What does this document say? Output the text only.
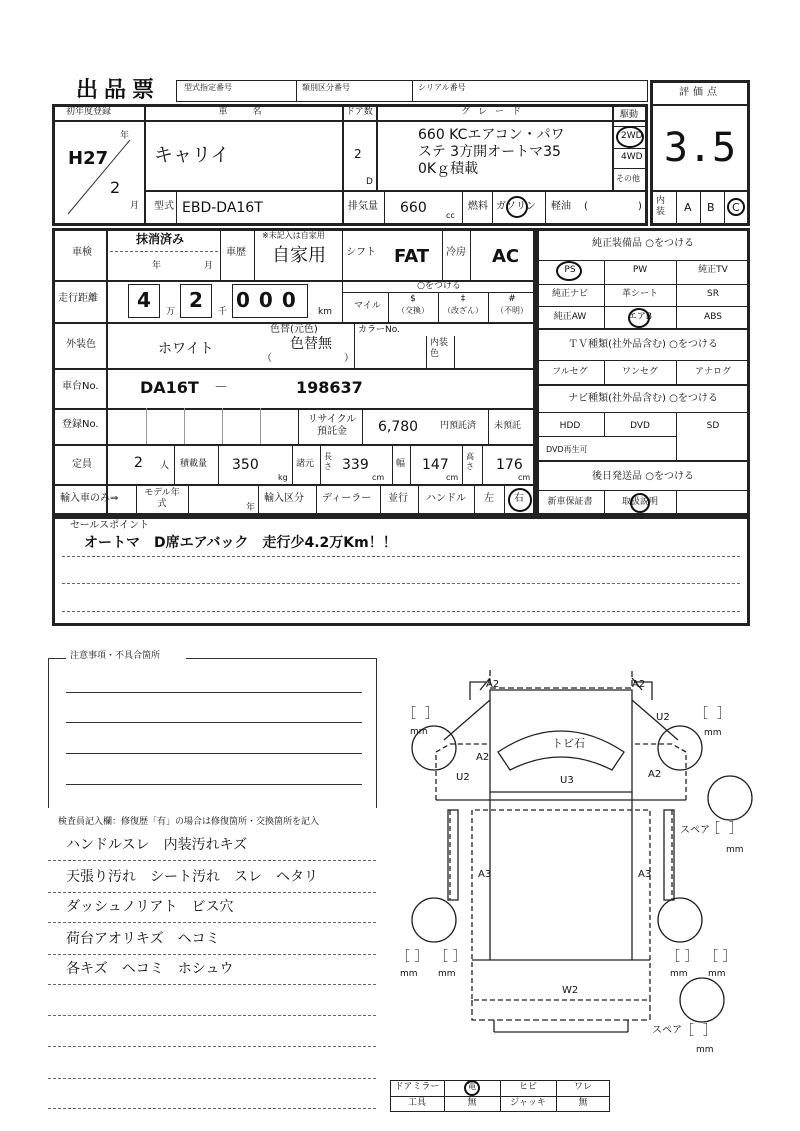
出品票	型式指定番号	類別区分番号	シリアル番号	評価点
3.5
内装 A B C
初年度登録	車　名	ドア数	グレード
年
H27
2
月
キャリイ	2
D
660 KCエアコン・パワ
ステ 3方開オートマ35
0Kｇ積載
駆動
2WD
4WD
その他
型式 EBD-DA16T	排気量 660 cc
燃料 ガソリン 軽油 (	)
車検
抹消済み
年	月
車歴
※未記入は自家用
自家用 シフト FAT 冷房 AC
走行距離	4	万 2	千 000 km
○をつける
マイル
$
（交換）
‡
（改ざん）
#
（不明）
外装色	ホワイト
色替(元色)
色替無
（	）
カラーNo.
内装色
車台No.	DA16T －	198637
登録No.	リサイクル預託金	6,780 円預託済 未預託
定員	2 人 積載量 350
kg
諸元
長さ 339
cm
幅 147
cm
高さ 176
cm
輸入車のみ⇒	モデル年式	年
輸入区分 ディーラー 並行 ハンドル 左 右
純正装備品 ○をつける
PS	PW	純正TV
純正ナビ	革シート	SR
純正AW	エアB	ABS
ＴＶ種類(社外品含む) ○をつける
フルセグ	ワンセグ	アナログ
ナビ種類(社外品含む) ○をつける
HDD	DVD	SD
DVD再生可
後日発送品 ○をつける
新車保証書	取扱説明
セールスポイント
オートマ　D席エアバック　走行少4.2万Km！！
注意事項・不具合箇所
検査員記入欄：修復歴「有」の場合は修復箇所・交換箇所を記入
ハンドルスレ　内装汚れキズ
天張り汚れ　シート汚れ　スレ　ヘタリ
ダッシュノリアト　ビス穴
荷台アオリキズ　ヘコミ
各キズ　ヘコミ　ホシュウ
A2	A2
A2
A2
U2
U2
U3
A3	A3
W2
トビ石
［ ］
mm
［ ］
mm
スペア
［ ］
mm
［ ］
mm
［ ］
mm
［ ］
mm
［ ］
mm
スペア
［ ］
mm
ドアミラー	電	ヒビ	ワレ
工具	無	ジャッキ	無
